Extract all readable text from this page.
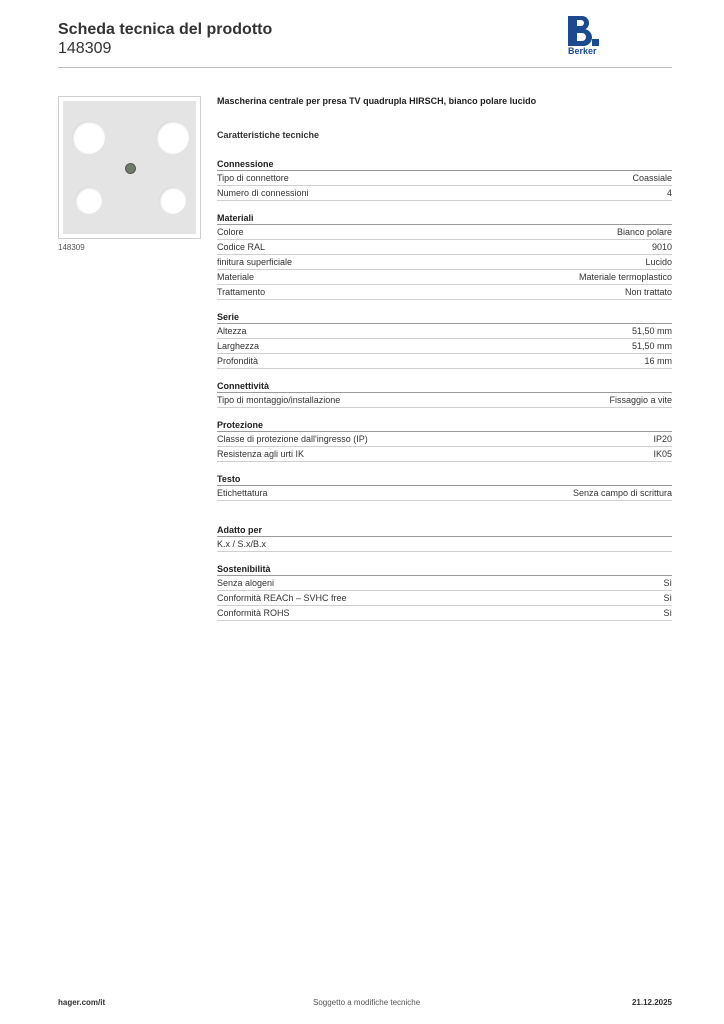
Scheda tecnica del prodotto
148309	Berker
148309
Mascherina centrale per presa TV quadrupla HIRSCH, bianco polare lucido
Caratteristiche tecniche
Connessione
Tipo di connettore	Coassiale
Numero di connessioni	4
Materiali
Colore	Bianco polare
Codice RAL	9010
finitura superficiale	Lucido
Materiale	Materiale termoplastico
Trattamento	Non trattato
Serie
Altezza	51,50 mm
Larghezza	51,50 mm
Profondità	16 mm
Connettività
Tipo di montaggio/installazione	Fissaggio a vite
Protezione
Classe di protezione dall'ingresso (IP)	IP20
Resistenza agli urti IK	IK05
Testo
Etichettatura	Senza campo di scrittura
Adatto per
K.x / S.x/B.x
Sostenibilità
Senza alogeni	Sì
Conformità REACh – SVHC free	Sì
Conformità ROHS	Sì
hager.com/it	Soggetto a modifiche tecniche	21.12.2025
